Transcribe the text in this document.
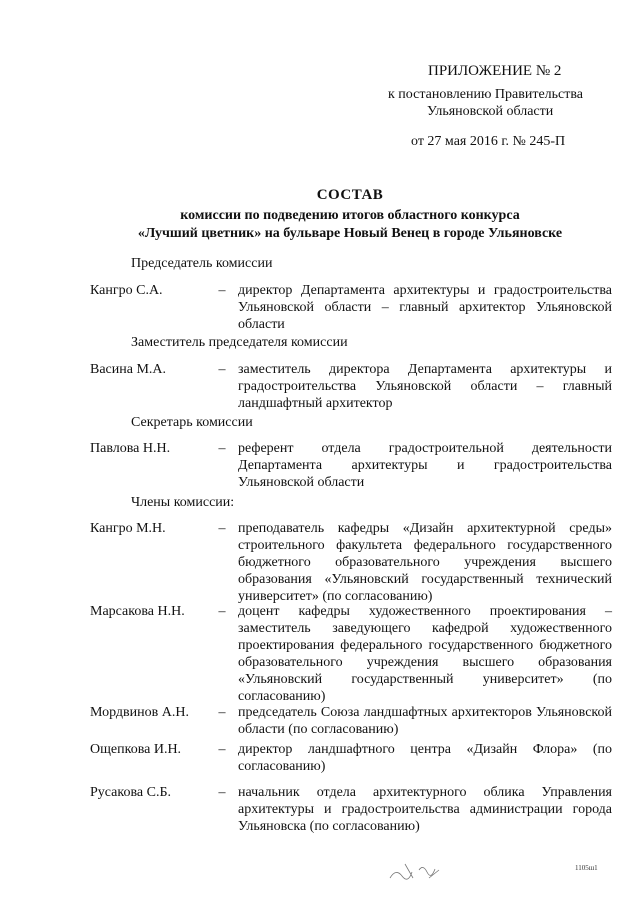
ПРИЛОЖЕНИЕ № 2
к постановлению Правительства
Ульяновской области
от 27 мая 2016 г. № 245-П
СОСТАВ
комиссии по подведению итогов областного конкурса
«Лучший цветник» на бульваре Новый Венец в городе Ульяновске
Председатель комиссии
Кангро С.А.	– директор Департамента архитектуры и градостроительства Ульяновской области – главный архитектор Ульяновской области
Заместитель председателя комиссии
Васина М.А.	– заместитель директора Департамента архитектуры и градостроительства Ульяновской области – главный ландшафтный архитектор
Секретарь комиссии
Павлова Н.Н.	– референт отдела градостроительной деятельности Департамента архитектуры и градостроительства Ульяновской области
Члены комиссии:
Кангро М.Н.	– преподаватель кафедры «Дизайн архитектурной среды» строительного факультета федерального государственного бюджетного образовательного учреждения высшего образования «Ульяновский государственный технический университет» (по согласованию)
Марсакова Н.Н.	– доцент кафедры художественного проектирования – заместитель заведующего кафедрой художественного проектирования федерального государственного бюджетного образовательного учреждения высшего образования «Ульяновский государственный университет» (по согласованию)
Мордвинов А.Н.	– председатель Союза ландшафтных архитекторов Ульяновской области (по согласованию)
Ощепкова И.Н.	– директор ландшафтного центра «Дизайн Флора» (по согласованию)
Русакова С.Б.	– начальник отдела архитектурного облика Управления архитектуры и градостроительства администрации города Ульяновска (по согласованию)
1105ш1
